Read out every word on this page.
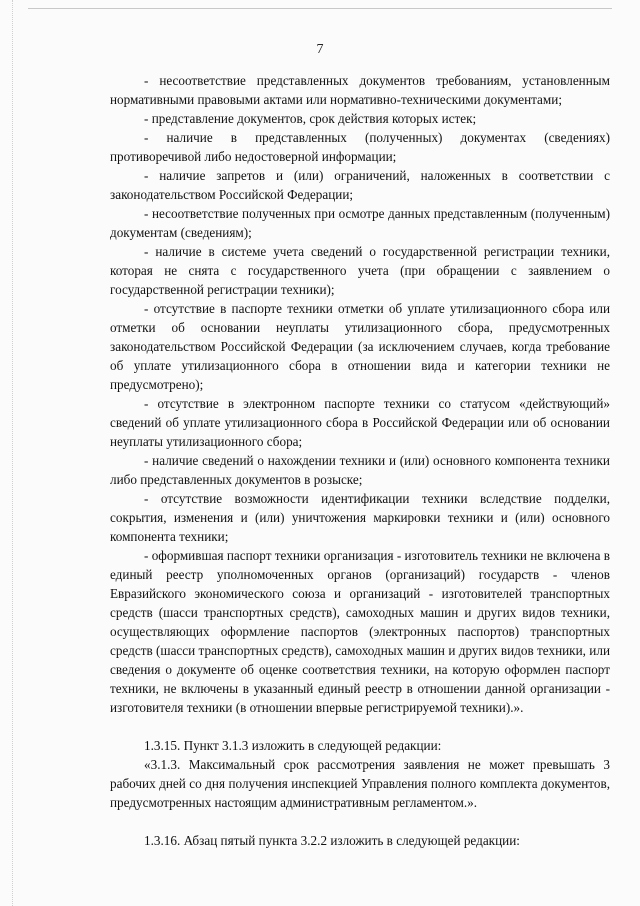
7

- несоответствие представленных документов требованиям, установленным нормативными правовыми актами или нормативно-техническими документами;

- представление документов, срок действия которых истек;

- наличие в представленных (полученных) документах (сведениях) противоречивой либо недостоверной информации;

- наличие запретов и (или) ограничений, наложенных в соответствии с законодательством Российской Федерации;

- несоответствие полученных при осмотре данных представленным (полученным) документам (сведениям);

- наличие в системе учета сведений о государственной регистрации техники, которая не снята с государственного учета (при обращении с заявлением о государственной регистрации техники);

- отсутствие в паспорте техники отметки об уплате утилизационного сбора или отметки об основании неуплаты утилизационного сбора, предусмотренных законодательством Российской Федерации (за исключением случаев, когда требование об уплате утилизационного сбора в отношении вида и категории техники не предусмотрено);

- отсутствие в электронном паспорте техники со статусом «действующий» сведений об уплате утилизационного сбора в Российской Федерации или об основании неуплаты утилизационного сбора;

- наличие сведений о нахождении техники и (или) основного компонента техники либо представленных документов в розыске;

- отсутствие возможности идентификации техники вследствие подделки, сокрытия, изменения и (или) уничтожения маркировки техники и (или) основного компонента техники;

- оформившая паспорт техники организация - изготовитель техники не включена в единый реестр уполномоченных органов (организаций) государств - членов Евразийского экономического союза и организаций - изготовителей транспортных средств (шасси транспортных средств), самоходных машин и других видов техники, осуществляющих оформление паспортов (электронных паспортов) транспортных средств (шасси транспортных средств), самоходных машин и других видов техники, или сведения о документе об оценке соответствия техники, на которую оформлен паспорт техники, не включены в указанный единый реестр в отношении данной организации - изготовителя техники (в отношении впервые регистрируемой техники).».

1.3.15. Пункт 3.1.3 изложить в следующей редакции:

«3.1.3. Максимальный срок рассмотрения заявления не может превышать 3 рабочих дней со дня получения инспекцией Управления полного комплекта документов, предусмотренных настоящим административным регламентом.».

1.3.16. Абзац пятый пункта 3.2.2 изложить в следующей редакции:
